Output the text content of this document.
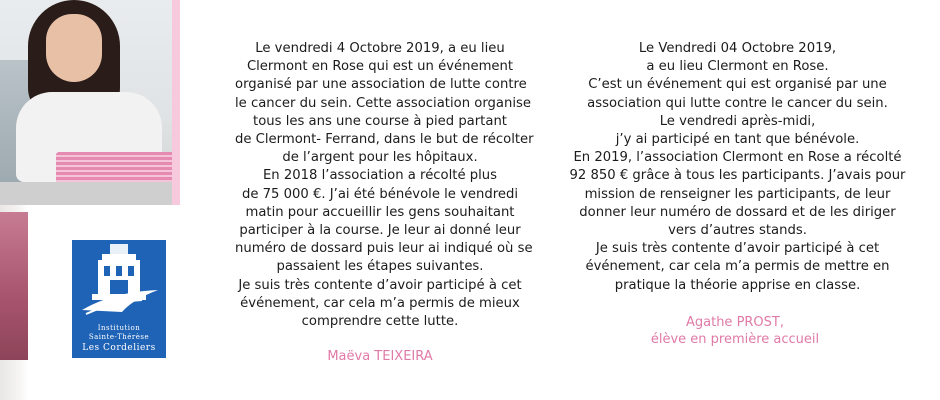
Institution
Sainte-Thérèse
Les Cordeliers
Le vendredi 4 Octobre 2019, a eu lieu
Clermont en Rose qui est un événement
organisé par une association de lutte contre
le cancer du sein. Cette association organise
tous les ans une course à pied partant
de Clermont- Ferrand, dans le but de récolter
de l’argent pour les hôpitaux.
En 2018 l’association a récolté plus
de 75 000 €. J’ai été bénévole le vendredi
matin pour accueillir les gens souhaitant
participer à la course. Je leur ai donné leur
numéro de dossard puis leur ai indiqué où se
passaient les étapes suivantes.
Je suis très contente d’avoir participé à cet
événement, car cela m’a permis de mieux
comprendre cette lutte.
Maëva TEIXEIRA
Le Vendredi 04 Octobre 2019,
a eu lieu Clermont en Rose.
C’est un événement qui est organisé par une
association qui lutte contre le cancer du sein.
Le vendredi après-midi,
j’y ai participé en tant que bénévole.
En 2019, l’association Clermont en Rose a récolté
92 850 € grâce à tous les participants. J’avais pour
mission de renseigner les participants, de leur
donner leur numéro de dossard et de les diriger
vers d’autres stands.
Je suis très contente d’avoir participé à cet
événement, car cela m’a permis de mettre en
pratique la théorie apprise en classe.
Agathe PROST,
élève en première accueil
